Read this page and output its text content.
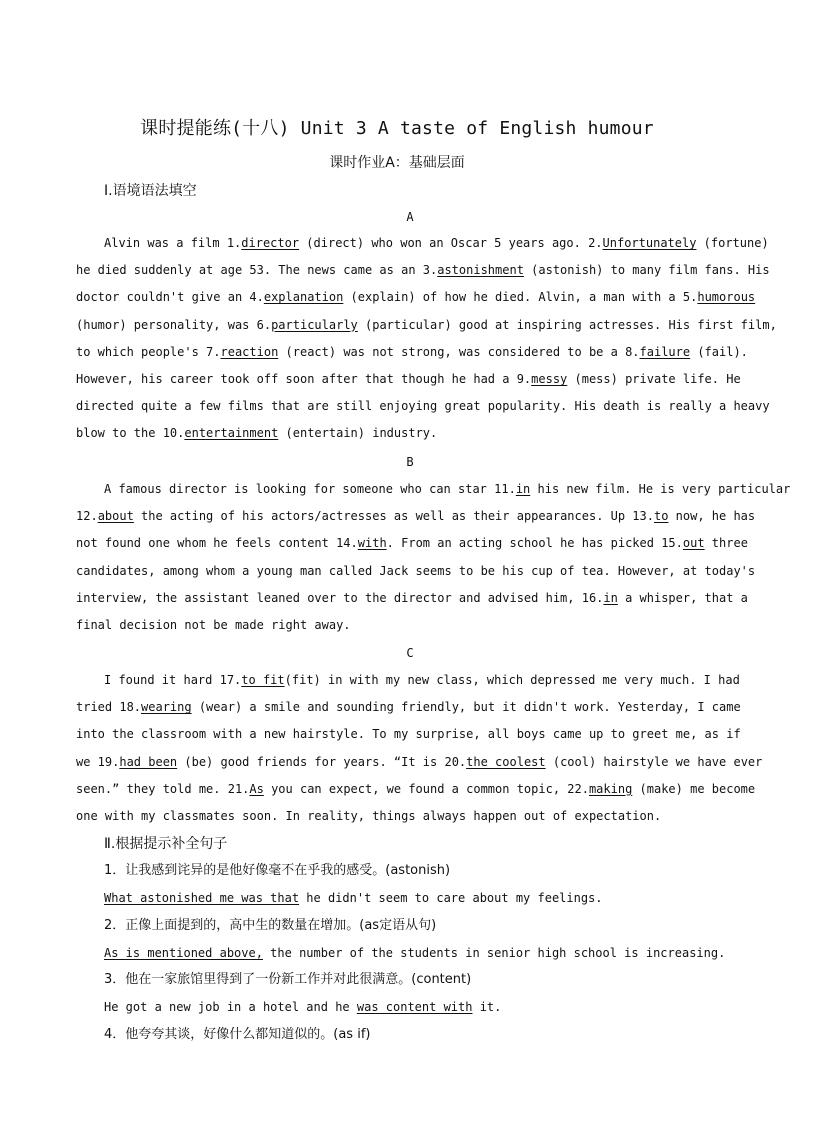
课时提能练(十八) Unit 3 A taste of English humour
课时作业A：基础层面
Ⅰ.语境语法填空
A
Alvin was a film 1.director (direct) who won an Oscar 5 years ago. 2.Unfortunately (fortune)
he died suddenly at age 53. The news came as an 3.astonishment (astonish) to many film fans. His
doctor couldn't give an 4.explanation (explain) of how he died. Alvin, a man with a 5.humorous
(humor) personality, was 6.particularly (particular) good at inspiring actresses. His first film,
to which people's 7.reaction (react) was not strong, was considered to be a 8.failure (fail).
However, his career took off soon after that though he had a 9.messy (mess) private life. He
directed quite a few films that are still enjoying great popularity. His death is really a heavy
blow to the 10.entertainment (entertain) industry.
B
A famous director is looking for someone who can star 11.in his new film. He is very particular
12.about the acting of his actors/actresses as well as their appearances. Up 13.to now, he has
not found one whom he feels content 14.with. From an acting school he has picked 15.out three
candidates, among whom a young man called Jack seems to be his cup of tea. However, at today's
interview, the assistant leaned over to the director and advised him, 16.in a whisper, that a
final decision not be made right away.
C
I found it hard 17.to fit(fit) in with my new class, which depressed me very much. I had
tried 18.wearing (wear) a smile and sounding friendly, but it didn't work. Yesterday, I came
into the classroom with a new hairstyle. To my surprise, all boys came up to greet me, as if
we 19.had been (be) good friends for years. “It is 20.the coolest (cool) hairstyle we have ever
seen.” they told me. 21.As you can expect, we found a common topic, 22.making (make) me become
one with my classmates soon. In reality, things always happen out of expectation.
Ⅱ.根据提示补全句子
1．让我感到诧异的是他好像毫不在乎我的感受。(astonish)
What astonished me was that he didn't seem to care about my feelings.
2．正像上面提到的，高中生的数量在增加。(as定语从句)
As is mentioned above, the number of the students in senior high school is increasing.
3．他在一家旅馆里得到了一份新工作并对此很满意。(content)
He got a new job in a hotel and he was content with it.
4．他夸夸其谈，好像什么都知道似的。(as if)
